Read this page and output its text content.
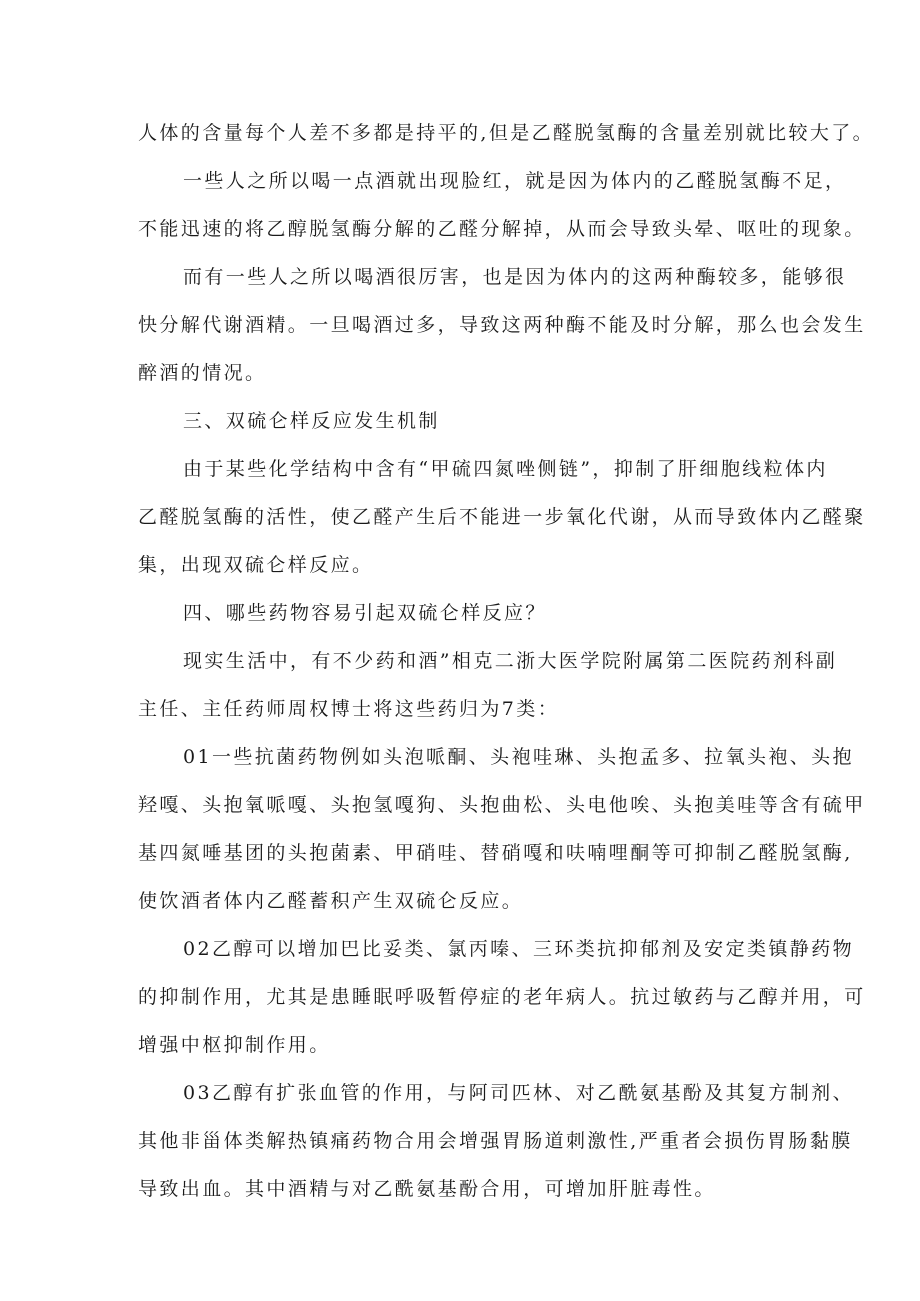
人体的含量每个人差不多都是持平的,但是乙醛脱氢酶的含量差别就比较大了。
一些人之所以喝一点酒就出现脸红，就是因为体内的乙醛脱氢酶不足，
不能迅速的将乙醇脱氢酶分解的乙醛分解掉，从而会导致头晕、呕吐的现象。
而有一些人之所以喝酒很厉害，也是因为体内的这两种酶较多，能够很
快分解代谢酒精。一旦喝酒过多，导致这两种酶不能及时分解，那么也会发生
醉酒的情况。
三、双硫仑样反应发生机制
由于某些化学结构中含有“甲硫四氮唑侧链”，抑制了肝细胞线粒体内
乙醛脱氢酶的活性，使乙醛产生后不能进一步氧化代谢，从而导致体内乙醛聚
集，出现双硫仑样反应。
四、哪些药物容易引起双硫仑样反应？
现实生活中，有不少药和酒”相克二浙大医学院附属第二医院药剂科副
主任、主任药师周权博士将这些药归为7类：
01一些抗菌药物例如头泡哌酮、头袍哇琳、头抱孟多、拉氧头袍、头抱
羟嘎、头抱氧哌嘎、头抱氢嘎狗、头抱曲松、头电他唉、头抱美哇等含有硫甲
基四氮唾基团的头抱菌素、甲硝哇、替硝嘎和呋喃哩酮等可抑制乙醛脱氢酶,
使饮酒者体内乙醛蓄积产生双硫仑反应。
02乙醇可以增加巴比妥类、氯丙嗪、三环类抗抑郁剂及安定类镇静药物
的抑制作用，尤其是患睡眠呼吸暂停症的老年病人。抗过敏药与乙醇并用，可
增强中枢抑制作用。
03乙醇有扩张血管的作用，与阿司匹林、对乙酰氨基酚及其复方制剂、
其他非甾体类解热镇痛药物合用会增强胃肠道刺激性,严重者会损伤胃肠黏膜
导致出血。其中酒精与对乙酰氨基酚合用，可增加肝脏毒性。
